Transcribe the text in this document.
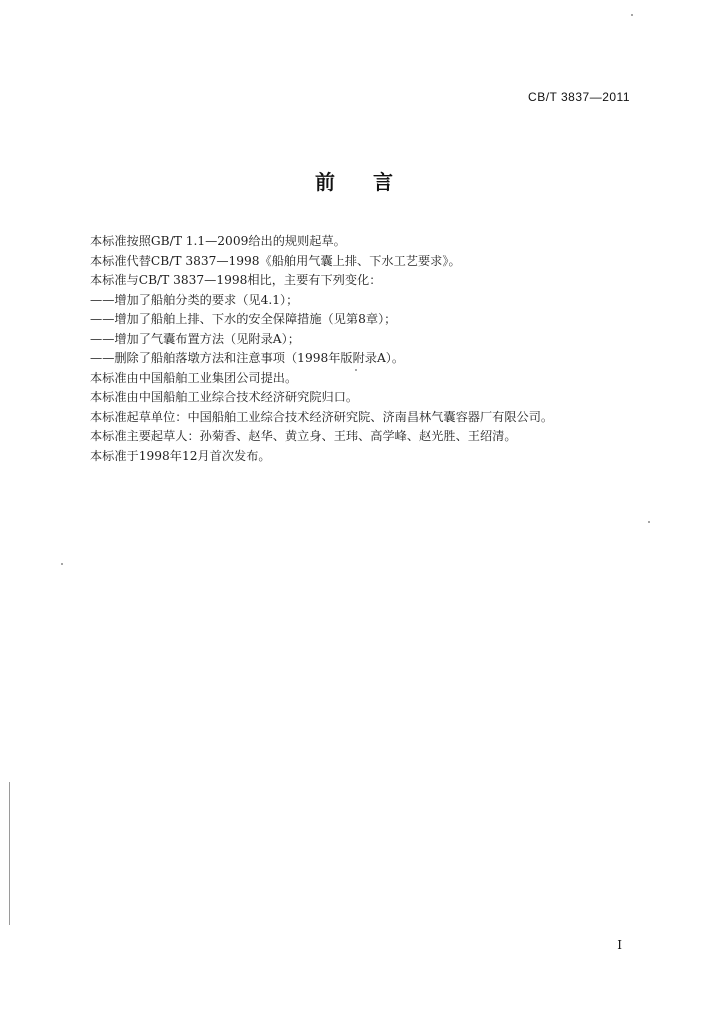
CB/T 3837—2011
前 言
本标准按照GB/T 1.1—2009给出的规则起草。
本标准代替CB/T 3837—1998《船舶用气囊上排、下水工艺要求》。
本标准与CB/T 3837—1998相比，主要有下列变化：
——增加了船舶分类的要求（见4.1）；
——增加了船舶上排、下水的安全保障措施（见第8章）；
——增加了气囊布置方法（见附录A）；
——删除了船舶落墩方法和注意事项（1998年版附录A）。
本标准由中国船舶工业集团公司提出。
本标准由中国船舶工业综合技术经济研究院归口。
本标准起草单位：中国船舶工业综合技术经济研究院、济南昌林气囊容器厂有限公司。
本标准主要起草人：孙菊香、赵华、黄立身、王玮、高学峰、赵光胜、王绍清。
本标准于1998年12月首次发布。
I
